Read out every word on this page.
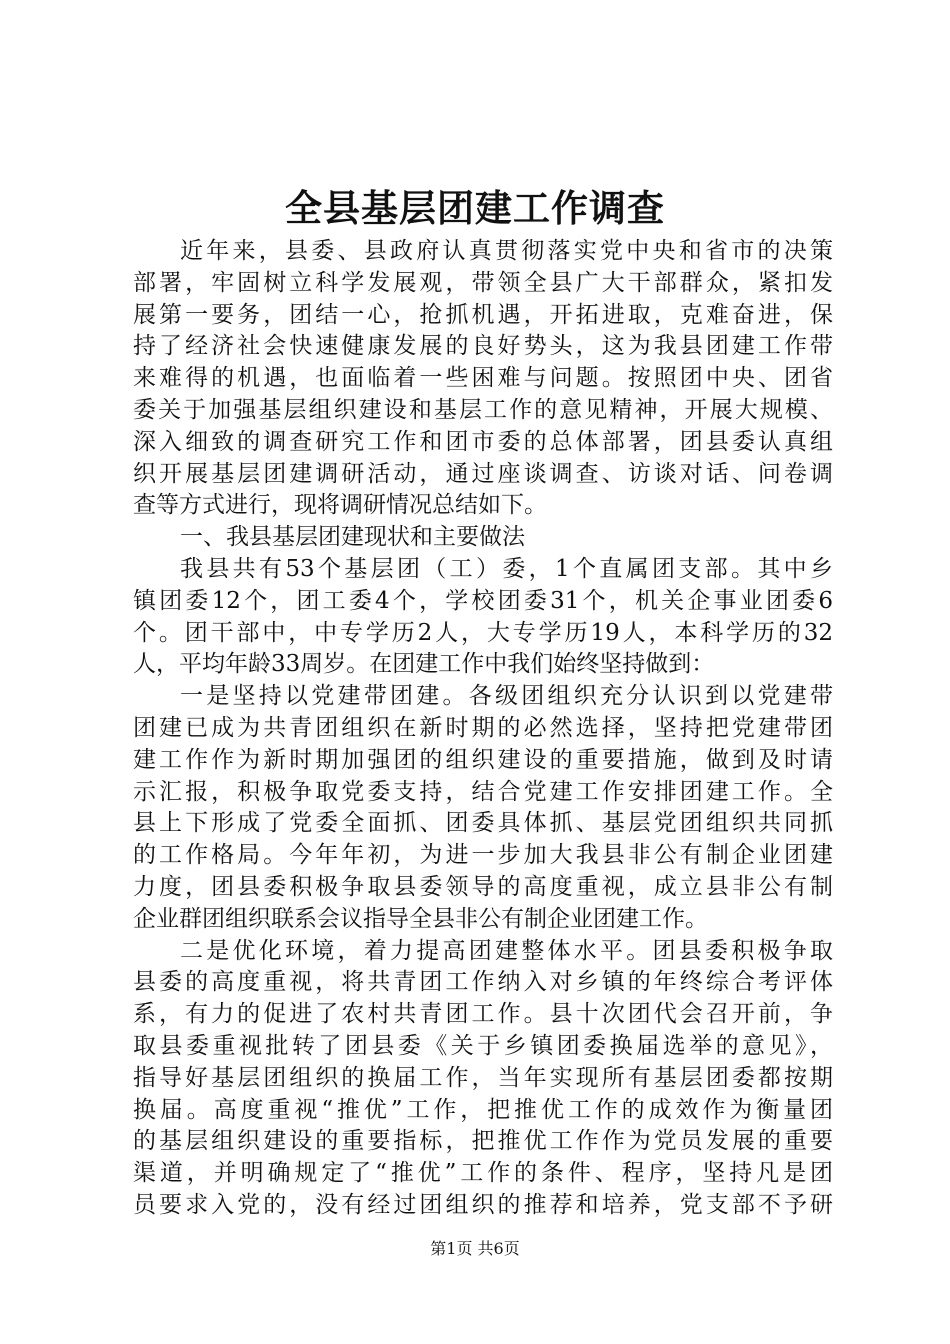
全县基层团建工作调查
近年来，县委、县政府认真贯彻落实党中央和省市的决策
部署，牢固树立科学发展观，带领全县广大干部群众，紧扣发
展第一要务，团结一心，抢抓机遇，开拓进取，克难奋进，保
持了经济社会快速健康发展的良好势头，这为我县团建工作带
来难得的机遇，也面临着一些困难与问题。按照团中央、团省
委关于加强基层组织建设和基层工作的意见精神，开展大规模、
深入细致的调查研究工作和团市委的总体部署，团县委认真组
织开展基层团建调研活动，通过座谈调查、访谈对话、问卷调
查等方式进行，现将调研情况总结如下。
一、我县基层团建现状和主要做法
我县共有53个基层团（工）委，1个直属团支部。其中乡
镇团委12个，团工委4个，学校团委31个，机关企事业团委6
个。团干部中，中专学历2人，大专学历19人，本科学历的32
人，平均年龄33周岁。在团建工作中我们始终坚持做到：
一是坚持以党建带团建。各级团组织充分认识到以党建带
团建已成为共青团组织在新时期的必然选择，坚持把党建带团
建工作作为新时期加强团的组织建设的重要措施，做到及时请
示汇报，积极争取党委支持，结合党建工作安排团建工作。全
县上下形成了党委全面抓、团委具体抓、基层党团组织共同抓
的工作格局。今年年初，为进一步加大我县非公有制企业团建
力度，团县委积极争取县委领导的高度重视，成立县非公有制
企业群团组织联系会议指导全县非公有制企业团建工作。
二是优化环境，着力提高团建整体水平。团县委积极争取
县委的高度重视，将共青团工作纳入对乡镇的年终综合考评体
系，有力的促进了农村共青团工作。县十次团代会召开前，争
取县委重视批转了团县委《关于乡镇团委换届选举的意见》，
指导好基层团组织的换届工作，当年实现所有基层团委都按期
换届。高度重视“推优”工作，把推优工作的成效作为衡量团
的基层组织建设的重要指标，把推优工作作为党员发展的重要
渠道，并明确规定了“推优”工作的条件、程序，坚持凡是团
员要求入党的，没有经过团组织的推荐和培养，党支部不予研
第1页 共6页
